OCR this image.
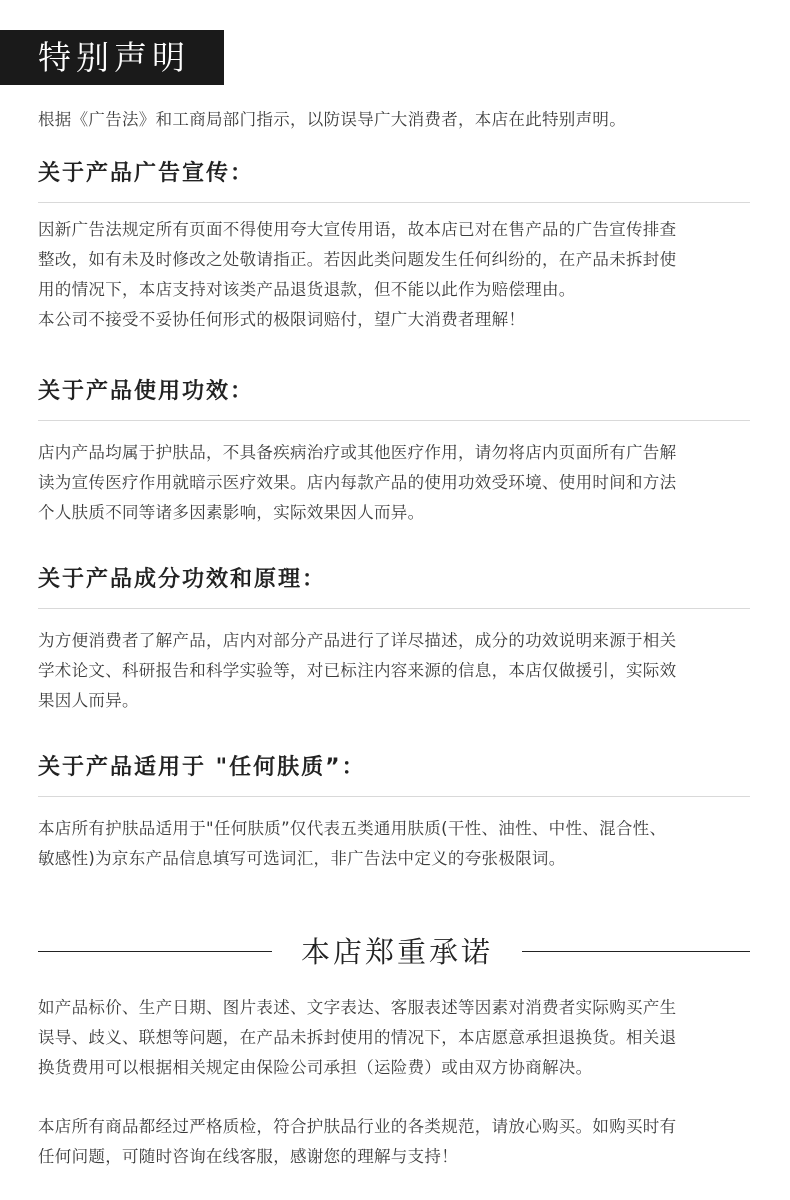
特别声明

根据《广告法》和工商局部门指示，以防误导广大消费者，本店在此特别声明。

关于产品广告宣传：

因新广告法规定所有页面不得使用夸大宣传用语，故本店已对在售产品的广告宣传排查
整改，如有未及时修改之处敬请指正。若因此类问题发生任何纠纷的，在产品未拆封使
用的情况下，本店支持对该类产品退货退款，但不能以此作为赔偿理由。
本公司不接受不妥协任何形式的极限词赔付，望广大消费者理解！

关于产品使用功效：

店内产品均属于护肤品，不具备疾病治疗或其他医疗作用，请勿将店内页面所有广告解
读为宣传医疗作用就暗示医疗效果。店内每款产品的使用功效受环境、使用时间和方法
个人肤质不同等诸多因素影响，实际效果因人而异。

关于产品成分功效和原理：

为方便消费者了解产品，店内对部分产品进行了详尽描述，成分的功效说明来源于相关
学术论文、科研报告和科学实验等，对已标注内容来源的信息，本店仅做援引，实际效
果因人而异。

关于产品适用于 "任何肤质”：

本店所有护肤品适用于"任何肤质”仅代表五类通用肤质(干性、油性、中性、混合性、
敏感性)为京东产品信息填写可选词汇，非广告法中定义的夸张极限词。

本店郑重承诺

如产品标价、生产日期、图片表述、文字表达、客服表述等因素对消费者实际购买产生
误导、歧义、联想等问题，在产品未拆封使用的情况下，本店愿意承担退换货。相关退
换货费用可以根据相关规定由保险公司承担（运险费）或由双方协商解决。

本店所有商品都经过严格质检，符合护肤品行业的各类规范，请放心购买。如购买时有
任何问题，可随时咨询在线客服，感谢您的理解与支持！
